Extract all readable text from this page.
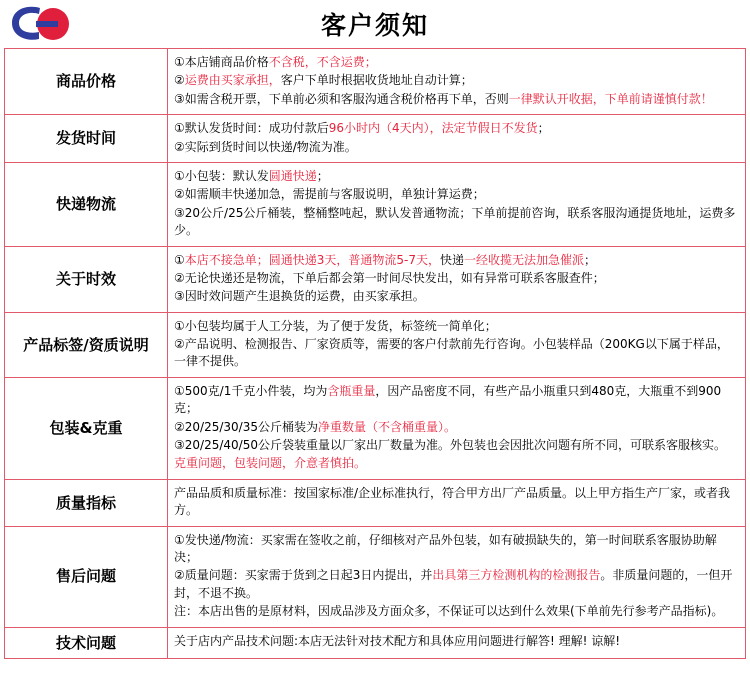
客户须知
商品价格	①本店铺商品价格不含税，不含运费；

②运费由买家承担，客户下单时根据收货地址自动计算；

③如需含税开票，下单前必须和客服沟通含税价格再下单，否则一律默认开收据，下单前请谨慎付款！

发货时间	①默认发货时间：成功付款后96小时内（4天内），法定节假日不发货；

②实际到货时间以快递/物流为准。

快递物流	①小包装：默认发圆通快递；

②如需顺丰快递加急，需提前与客服说明，单独计算运费；

③20公斤/25公斤桶装，整桶整吨起，默认发普通物流；下单前提前咨询，联系客服沟通提货地址，运费多少。

关于时效	①本店不接急单；圆通快递3天，普通物流5-7天，快递一经收揽无法加急催派；

②无论快递还是物流，下单后都会第一时间尽快发出，如有异常可联系客服查件；

③因时效问题产生退换货的运费，由买家承担。

产品标签/资质说明	①小包装均属于人工分装，为了便于发货，标签统一简单化；

②产品说明、检测报告、厂家资质等，需要的客户付款前先行咨询。小包装样品（200KG以下属于样品，一律不提供。

包装&克重	①500克/1千克小件装，均为含瓶重量，因产品密度不同，有些产品小瓶重只到480克，大瓶重不到900克；

②20/25/30/35公斤桶装为净重数量（不含桶重量）。

③20/25/40/50公斤袋装重量以厂家出厂数量为准。外包装也会因批次问题有所不同，可联系客服核实。

克重问题，包装问题，介意者慎拍。

质量指标	产品品质和质量标准：按国家标准/企业标准执行，符合甲方出厂产品质量。以上甲方指生产厂家，或者我方。

售后问题	①发快递/物流：买家需在签收之前，仔细核对产品外包装，如有破损缺失的，第一时间联系客服协助解决；

②质量问题：买家需于货到之日起3日内提出，并出具第三方检测机构的检测报告。非质量问题的，一但开封，不退不换。

注：本店出售的是原材料，因成品涉及方面众多，不保证可以达到什么效果(下单前先行参考产品指标)。

技术问题	关于店内产品技术问题:本店无法针对技术配方和具体应用问题进行解答! 理解! 谅解!
